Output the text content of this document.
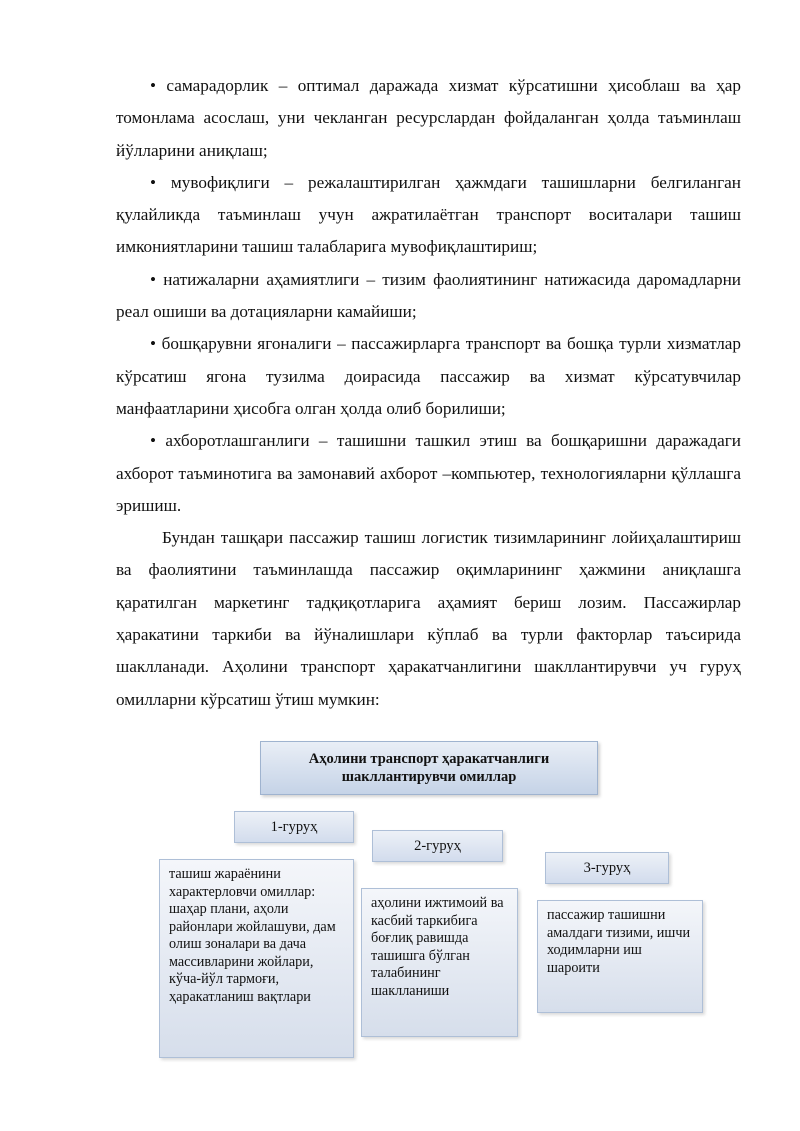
• самарадорлик – оптимал даражада хизмат кўрсатишни ҳисоблаш ва ҳар томонлама асослаш, уни чекланган ресурслардан фойдаланган ҳолда таъминлаш йўлларини аниқлаш;

• мувофиқлиги – режалаштирилган ҳажмдаги ташишларни белгиланган қулайликда таъминлаш учун ажратилаётган транспорт воситалари ташиш имкониятларини ташиш талабларига мувофиқлаштириш;

• натижаларни аҳамиятлиги – тизим фаолиятининг натижасида даромадларни реал ошиши ва дотацияларни камайиши;

• бошқарувни ягоналиги – пассажирларга транспорт ва бошқа турли хизматлар кўрсатиш ягона тузилма доирасида пассажир ва хизмат кўрсатувчилар манфаатларини ҳисобга олган ҳолда олиб борилиши;

• ахборотлашганлиги – ташишни ташкил этиш ва бошқаришни даражадаги ахборот таъминотига ва замонавий ахборот –компьютер, технологияларни қўллашга эришиш.

Бундан ташқари пассажир ташиш логистик тизимларининг лойиҳалаштириш ва фаолиятини таъминлашда пассажир оқимларининг ҳажмини аниқлашга қаратилган маркетинг тадқиқотларига аҳамият бериш лозим. Пассажирлар ҳаракатини таркиби ва йўналишлари кўплаб ва турли факторлар таъсирида шаклланади. Аҳолини транспорт ҳаракатчанлигини шакллантирувчи уч гуруҳ омилларни кўрсатиш ўтиш мумкин:

Аҳолини транспорт ҳаракатчанлиги шакллантирувчи омиллар
1-гуруҳ
2-гуруҳ
3-гуруҳ
ташиш жараёнини характерловчи омиллар: шаҳар плани, аҳоли районлари жойлашуви, дам олиш зоналари ва дача массивларини жойлари, кўча-йўл тармоғи, ҳаракатланиш вақтлари
аҳолини ижтимоий ва касбий таркибига боғлиқ равишда ташишга бўлган талабининг шаклланиши
пассажир ташишни амалдаги тизими, ишчи ходимларни иш шароити
